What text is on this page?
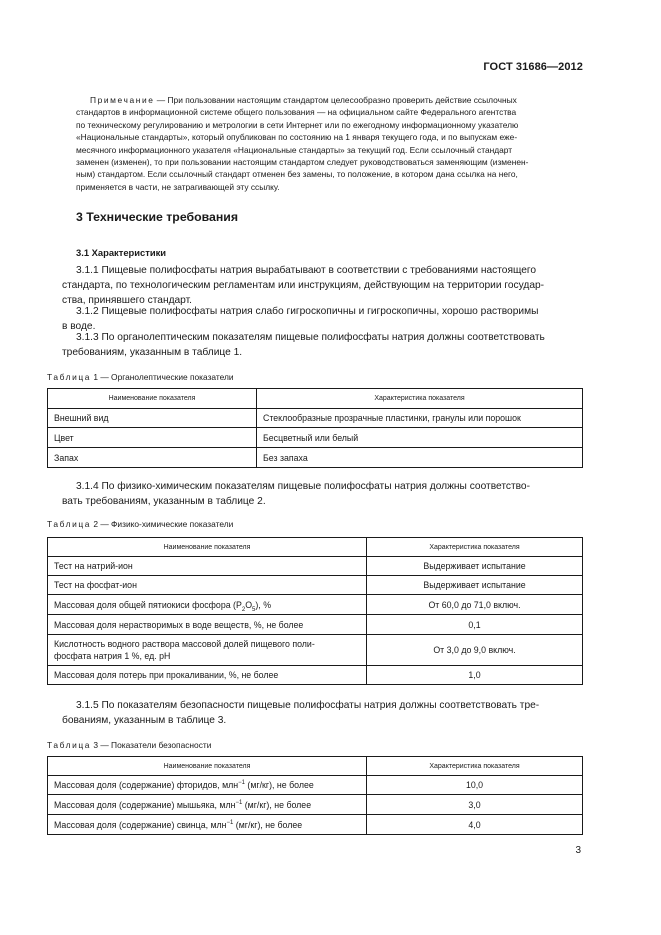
ГОСТ 31686—2012
Примечание — При пользовании настоящим стандартом целесообразно проверить действие ссылочных
стандартов в информационной системе общего пользования — на официальном сайте Федерального агентства
по техническому регулированию и метрологии в сети Интернет или по ежегодному информационному указателю
«Национальные стандарты», который опубликован по состоянию на 1 января текущего года, и по выпускам еже-
месячного информационного указателя «Национальные стандарты» за текущий год. Если ссылочный стандарт
заменен (изменен), то при пользовании настоящим стандартом следует руководствоваться заменяющим (изменен-
ным) стандартом. Если ссылочный стандарт отменен без замены, то положение, в котором дана ссылка на него,
применяется в части, не затрагивающей эту ссылку.
3 Технические требования
3.1 Характеристики
3.1.1 Пищевые полифосфаты натрия вырабатывают в соответствии с требованиями настоящего
стандарта, по технологическим регламентам или инструкциям, действующим на территории государ-
ства, принявшего стандарт.
3.1.2 Пищевые полифосфаты натрия слабо гигроскопичны и гигроскопичны, хорошо растворимы
в воде.
3.1.3 По органолептическим показателям пищевые полифосфаты натрия должны соответствовать
требованиям, указанным в таблице 1.
Таблица 1 — Органолептические показатели
Наименование показателя	Характеристика показателя
Внешний вид	Стеклообразные прозрачные пластинки, гранулы или порошок
Цвет	Бесцветный или белый
Запах	Без запаха
3.1.4 По физико-химическим показателям пищевые полифосфаты натрия должны соответство-
вать требованиям, указанным в таблице 2.
Таблица 2 — Физико-химические показатели
Наименование показателя	Характеристика показателя
Тест на натрий-ион	Выдерживает испытание
Тест на фосфат-ион	Выдерживает испытание
Массовая доля общей пятиокиси фосфора $(P_2O_5)$, %	От 60,0 до 71,0 включ.
Массовая доля нерастворимых в воде веществ, %, не более	0,1

Кислотность водного раствора массовой долей пищевого поли-
фосфата натрия 1 %, ед. pH	От 3,0 до 9,0 включ.
Массовая доля потерь при прокаливании, %, не более	1,0
3.1.5 По показателям безопасности пищевые полифосфаты натрия должны соответствовать тре-
бованиям, указанным в таблице 3.
Таблица 3 — Показатели безопасности
Наименование показателя	Характеристика показателя
Массовая доля (содержание) фторидов, млн$^{-1}$ (мг/кг), не более	10,0
Массовая доля (содержание) мышьяка, млн$^{-1}$ (мг/кг), не более	3,0
Массовая доля (содержание) свинца, млн$^{-1}$ (мг/кг), не более	4,0
3
